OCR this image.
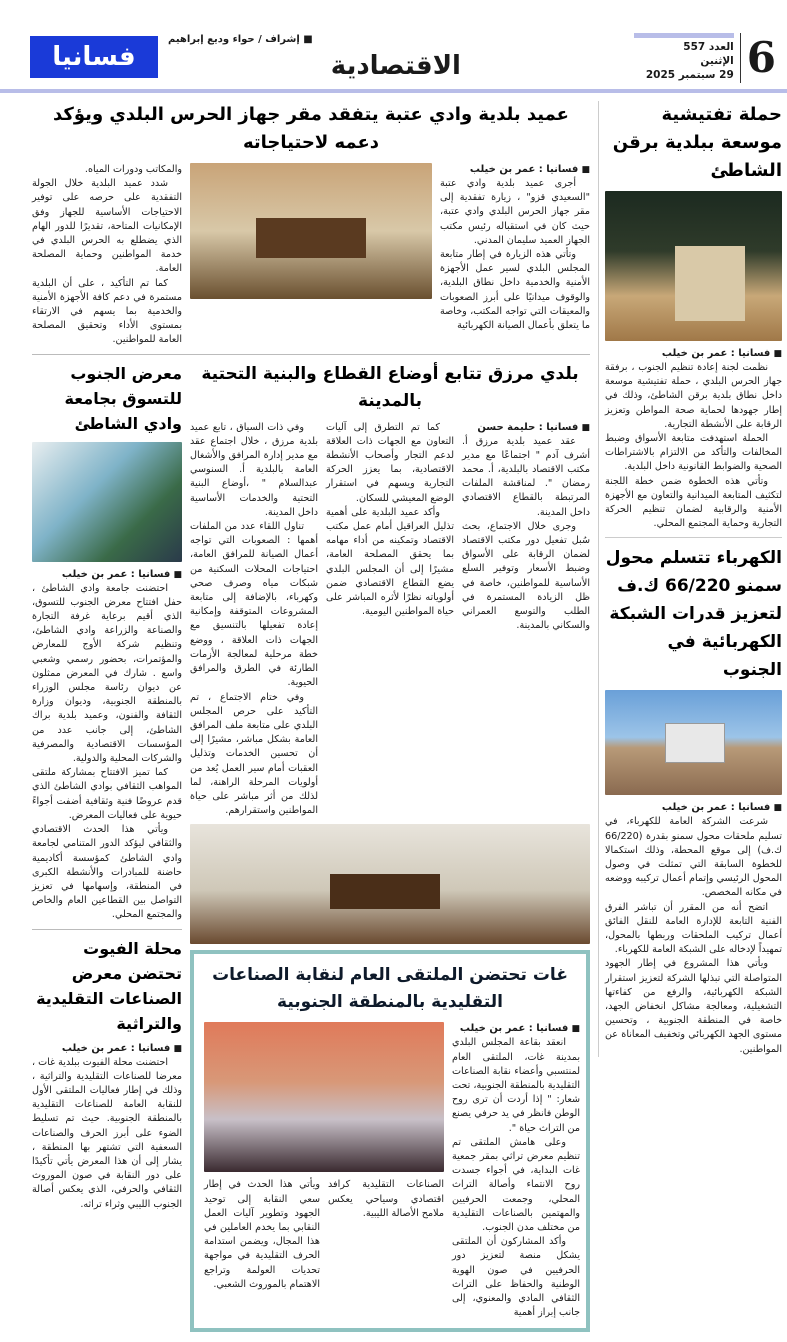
فسانيا
■ إشراف / حواء وديع إبراهيم
الاقتصادية
العدد 557
الإثنين
29 سبتمبر 2025 6
حملة تفتيشية موسعة ببلدية برقن الشاطئ
■ فسانيا : عمر بن خيلب

نظمت لجنة إعادة تنظيم الجنوب ، برفقة جهاز الحرس البلدي ، حملة تفتيشية موسعة داخل نطاق بلدية برقن الشاطئ، وذلك في إطار جهودها لحماية صحة المواطن وتعزيز الرقابة على الأنشطة التجارية.

الحملة استهدفت متابعة الأسواق وضبط المخالفات والتأكد من الالتزام بالاشتراطات الصحية والضوابط القانونية داخل البلدية.

وتأتي هذه الخطوة ضمن خطة اللجنة لتكثيف المتابعة الميدانية والتعاون مع الأجهزة الأمنية والرقابية لضمان تنظيم الحركة التجارية وحماية المجتمع المحلي.

الكهرباء تتسلم محول سمنو 66/220 ك.ف لتعزيز قدرات الشبكة الكهربائية في الجنوب
■ فسانيا : عمر بن خيلب

شرعت الشركة العامة للكهرباء، في تسليم ملحقات محول سمنو بقدرة (66/220 ك.ف) إلى موقع المحطة، وذلك استكمالا للخطوة السابقة التي تمثلت في وصول المحول الرئيسي وإتمام أعمال تركيبه ووضعه في مكانه المخصص.

اتضح أنه من المقرر أن تباشر الفرق الفنية التابعة للإدارة العامة للنقل الفائق أعمال تركيب الملحقات وربطها بالمحول، تمهيداً لإدخاله على الشبكة العامة للكهرباء.

ويأتي هذا المشروع في إطار الجهود المتواصلة التي تبذلها الشركة لتعزيز استقرار الشبكة الكهربائية، والرفع من كفاءتها التشغيلية، ومعالجة مشاكل انخفاض الجهد، خاصة في المنطقة الجنوبية ، وتحسين مستوى الجهد الكهربائي وتخفيف المعاناة عن المواطنين.

عميد بلدية وادي عتبة يتفقد مقر جهاز الحرس البلدي ويؤكد دعمه لاحتياجاته
■ فسانيا : عمر بن خيلب

أجرى عميد بلدية وادي عتبة "السعيدي قزو" ، زيارة تفقدية إلى مقر جهاز الحرس البلدي وادي عتبة، حيث كان في استقباله رئيس مكتب الجهاز العميد سليمان المدني.

وتأتي هذه الزيارة في إطار متابعة المجلس البلدي لسير عمل الأجهزة الأمنية والخدمية داخل نطاق البلدية، والوقوف ميدانيًا على أبرز الصعوبات والمعيقات التي تواجه المكتب، وخاصة ما يتعلق بأعمال الصيانة الكهربائية

والمكاتب ودورات المياه.

شدد عميد البلدية خلال الجولة التفقدية على حرصه على توفير الاحتياجات الأساسية للجهاز وفق الإمكانيات المتاحة، تقديرًا للدور الهام الذي يضطلع به الحرس البلدي في خدمة المواطنين وحماية المصلحة العامة.

كما تم التأكيد ، على أن البلدية مستمرة في دعم كافة الأجهزة الأمنية والخدمية بما يسهم في الارتقاء بمستوى الأداء وتحقيق المصلحة العامة للمواطنين.

بلدي مرزق تتابع أوضاع القطاع والبنية التحتية بالمدينة
■ فسانيا : حليمة حسن

عقد عميد بلدية مرزق أ. أشرف آدم " اجتماعًا مع مدير مكتب الاقتصاد بالبلدية، أ. محمد رمضان ". لمناقشة الملفات المرتبطة بالقطاع الاقتصادي داخل المدينة.

وجرى خلال الاجتماع، بحث سُبل تفعيل دور مكتب الاقتصاد لضمان الرقابة على الأسواق وضبط الأسعار وتوفير السلع الأساسية للمواطنين، خاصة في ظل الزيادة المستمرة في الطلب والتوسع العمراني والسكاني بالمدينة.

كما تم التطرق إلى آليات التعاون مع الجهات ذات العلاقة لدعم التجار وأصحاب الأنشطة الاقتصادية، بما يعزز الحركة التجارية ويسهم في استقرار الوضع المعيشي للسكان.

وأكد عميد البلدية على أهمية تذليل العراقيل أمام عمل مكتب الاقتصاد وتمكينه من أداء مهامه بما يحقق المصلحة العامة، مشيرًا إلى أن المجلس البلدي يضع القطاع الاقتصادي ضمن أولوياته نظرًا لأثره المباشر على حياة المواطنين اليومية.

وفي ذات السياق ، تابع عميد بلدية مرزق ، خلال اجتماع عقد مع مدير إدارة المرافق والأشغال العامة بالبلدية أ. السنوسي عبدالسلام " ،أوضاع البنية التحتية والخدمات الأساسية داخل المدينة.

تناول اللقاء عدد من الملفات أهمها : الصعوبات التي تواجه أعمال الصيانة للمرافق العامة، احتياجات المحلات السكنية من شبكات مياه وصرف صحي وكهرباء، بالإضافة إلى متابعة المشروعات المتوقفة وإمكانية إعادة تفعيلها بالتنسيق مع الجهات ذات العلاقة ، ووضع خطة مرحلية لمعالجة الأزمات الطارئة في الطرق والمرافق الحيوية.

وفي ختام الاجتماع ، تم التأكيد على حرص المجلس البلدي على متابعة ملف المرافق العامة بشكل مباشر، مشيرًا إلى أن تحسين الخدمات وتذليل العقبات أمام سير العمل يُعد من أولويات المرحلة الراهنة، لما لذلك من أثر مباشر على حياة المواطنين واستقرارهم.

غات تحتضن الملتقى العام لنقابة الصناعات التقليدية بالمنطقة الجنوبية
■ فسانيا : عمر بن خيلب

انعقد بقاعة المجلس البلدي بمدينة غات، الملتقى العام لمنتسبي وأعضاء نقابة الصناعات التقليدية بالمنطقة الجنوبية، تحت شعار: " إذا أردت أن ترى روح الوطن فانظر في يد حرفي يصنع من التراث حياة ".

وعلى هامش الملتقى تم تنظيم معرض تراثي بمقر جمعية غات البداية، في أجواء جسدت روح الانتماء وأصالة التراث المحلي، وجمعت الحرفيين والمهتمين بالصناعات التقليدية من مختلف مدن الجنوب.

وأكد المشاركون أن الملتقى يشكل منصة لتعزيز دور الحرفيين في صون الهوية الوطنية والحفاظ على التراث الثقافي المادي والمعنوي، إلى جانب إبراز أهمية

الصناعات التقليدية كرافد اقتصادي وسياحي يعكس ملامح الأصالة الليبية.

ويأتي هذا الحدث في إطار سعي النقابة إلى توحيد الجهود وتطوير آليات العمل النقابي بما يخدم العاملين في هذا المجال، ويضمن استدامة الحرف التقليدية في مواجهة تحديات العولمة وتراجع الاهتمام بالموروث الشعبي.

معرض الجنوب للتسوق بجامعة وادي الشاطئ
■ فسانيا : عمر بن خيلب

احتضنت جامعة وادي الشاطئ ، حفل افتتاح معرض الجنوب للتسوق، الذي أقيم برعاية غرفة التجارة والصناعة والزراعة وادي الشاطئ، وتنظيم شركة الأوج للمعارض والمؤتمرات، بحضور رسمي وشعبي واسع . شارك في المعرض ممثلون عن ديوان رئاسة مجلس الوزراء بالمنطقة الجنوبية، وديوان وزارة الثقافة والفنون، وعميد بلدية براك الشاطئ، إلى جانب عدد من المؤسسات الاقتصادية والمصرفية والشركات المحلية والدولية.

كما تميز الافتتاح بمشاركة ملتقى المواهب الثقافي بوادي الشاطئ الذي قدم عروضًا فنية وثقافية أضفت أجواءً حيوية على فعاليات المعرض.

ويأتي هذا الحدث الاقتصادي والثقافي ليؤكد الدور المتنامي لجامعة وادي الشاطئ كمؤسسة أكاديمية حاضنة للمبادرات والأنشطة الكبرى في المنطقة، وإسهامها في تعزيز التواصل بين القطاعين العام والخاص والمجتمع المحلي.

محلة الفيوت تحتضن معرض الصناعات التقليدية والتراثية
■ فسانيا : عمر بن خيلب

احتضنت محلة الفيوت ببلدية غات ، معرضا للصناعات التقليدية والتراثية ، وذلك في إطار فعاليات الملتقى الأول للنقابة العامة للصناعات التقليدية بالمنطقة الجنوبية. حيث تم تسليط الضوء على أبرز الحرف والصناعات السعفية التي تشتهر بها المنطقة ، يشار إلى أن هذا المعرض يأتي تأكيدًا على دور النقابة في صون الموروث الثقافي والحرفي، الذي يعكس أصالة الجنوب الليبي وثراء تراثه.
